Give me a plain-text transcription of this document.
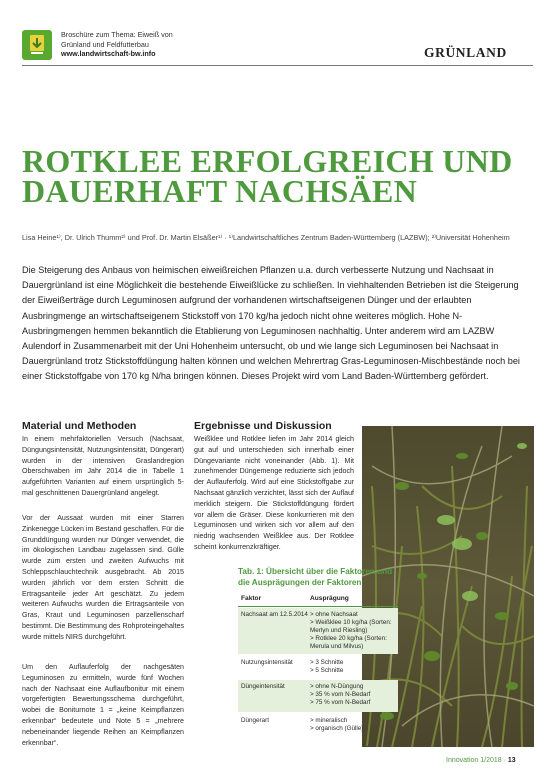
Broschüre zum Thema: Eiweiß von
Grünland und Feldfutterbau
www.landwirtschaft-bw.info	GRÜNLAND
ROTKLEE ERFOLGREICH UND
DAUERHAFT NACHSÄEN
Lisa Heine¹⁾, Dr. Ulrich Thumm²⁾ und Prof. Dr. Martin Elsäßer¹⁾ · ¹⁾Landwirtschaftliches Zentrum Baden-Württemberg (LAZBW); ²⁾Universität Hohenheim
Die Steigerung des Anbaus von heimischen eiweißreichen Pflanzen u.a. durch verbesserte Nutzung und Nachsaat in Dauergrünland ist eine Möglichkeit die bestehende Eiweißlücke zu schließen. In viehhaltenden Betrieben ist die Steigerung der Eiweißerträge durch Leguminosen aufgrund der vorhandenen wirtschaftseigenen Dünger und der erlaubten Ausbringmenge an wirtschaftseigenem Stickstoff von 170 kg/ha jedoch nicht ohne weiteres möglich. Hohe N-Ausbringmengen hemmen bekanntlich die Etablierung von Leguminosen nachhaltig. Unter anderem wird am LAZBW Aulendorf in Zusammenarbeit mit der Uni Hohenheim untersucht, ob und wie lange sich Leguminosen bei Nachsaat in Dauergrünland trotz Stickstoffdüngung halten können und welchen Mehrertrag Gras-Leguminosen-Mischbestände noch bei einer Stickstoffgabe von 170 kg N/ha bringen können. Dieses Projekt wird vom Land Baden-Württemberg gefördert.
Material und Methoden
In einem mehrfaktoriellen Versuch (Nachsaat, Düngungsintensität, Nutzungsintensität, Düngerart) wurden in der intensiven Graslandregion Oberschwaben im Jahr 2014 die in Tabelle 1 aufgeführten Varianten auf einem ursprünglich 5-mal geschnittenen Dauergrünland angelegt.
Vor der Aussaat wurden mit einer Starren Zinkenegge Lücken im Bestand geschaffen. Für die Grunddüngung wurden nur Dünger verwendet, die im ökologischen Landbau zugelassen sind. Gülle wurde zum ersten und zweiten Aufwuchs mit Schleppschlauchtechnik ausgebracht. Ab 2015 wurden jährlich vor dem ersten Schnitt die Ertragsanteile jeder Art geschätzt. Zu jedem weiteren Aufwuchs wurden die Ertragsanteile von Gras, Kraut und Leguminosen parzellenscharf bestimmt. Die Bestimmung des Rohproteingehaltes wurde mittels NIRS durchgeführt.
Um den Auflauferfolg der nachgesäten Leguminosen zu ermitteln, wurde fünf Wochen nach der Nachsaat eine Auflaufbonitur mit einem vorgefertigten Bewertungsschema durchgeführt, wobei die Boniturnote 1 = „keine Keimpflanzen erkennbar“ bedeutete und Note 5 = „mehrere nebeneinander liegende Reihen an Keimpflanzen erkennbar“.
Ergebnisse und Diskussion
Weißklee und Rotklee liefen im Jahr 2014 gleich gut auf und unterschieden sich innerhalb einer Düngevariante nicht voneinander (Abb. 1). Mit zunehmender Düngemenge reduzierte sich jedoch der Auflauferfolg. Wird auf eine Stickstoffgabe zur Nachsaat gänzlich verzichtet, lässt sich der Auflauf merklich steigern. Die Stickstoffdüngung fördert vor allem die Gräser. Diese konkurrieren mit den Leguminosen und wirken sich vor allem auf den niedrig wachsenden Weißklee aus. Der Rotklee scheint konkurrenzkräftiger.
Tab. 1: Übersicht über die Faktoren und die Ausprägungen der Faktoren
Faktor	Ausprägung
Nachsaat am 12.5.2014 > ohne Nachsaat
> Weißklee 10 kg/ha (Sorten: Merlyn und Riesling)
> Rotklee 20 kg/ha (Sorten: Merula und Milvus)
Nutzungsintensität	> 3 Schnitte
> 5 Schnitte
Düngeintensität	> ohne N-Düngung
> 35 % vom N-Bedarf
> 75 % vom N-Bedarf
Düngerart	> mineralisch
> organisch (Gülle)
Innovation 1/2018 · 13
